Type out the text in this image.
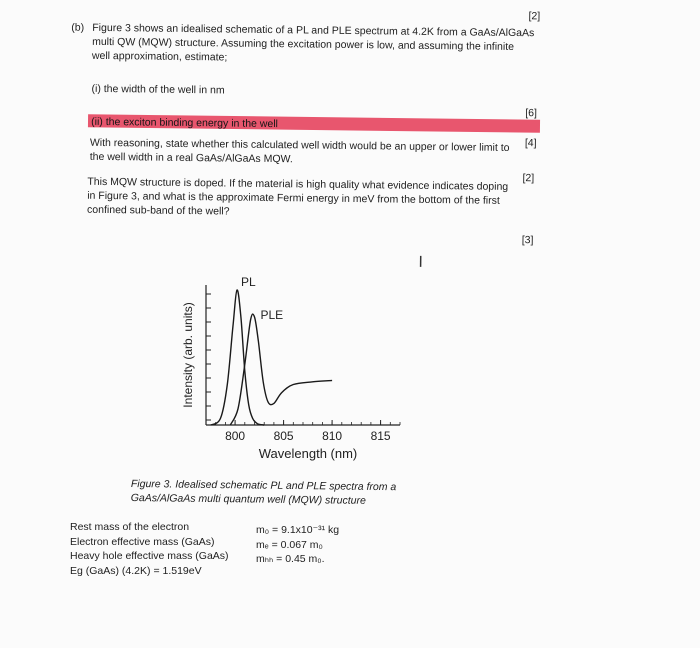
[2]
(b) Figure 3 shows an idealised schematic of a PL and PLE spectrum at 4.2K from a GaAs/AlGaAs
multi QW (MQW) structure. Assuming the excitation power is low, and assuming the infinite
well approximation, estimate;
(i) the width of the well in nm
[6]
(ii) the exciton binding energy in the well
[4]
With reasoning, state whether this calculated well width would be an upper or lower limit to
the well width in a real GaAs/AlGaAs MQW.
[2]
This MQW structure is doped. If the material is high quality what evidence indicates doping
in Figure 3, and what is the approximate Fermi energy in meV from the bottom of the first
confined sub-band of the well?
[3]
I
800 805 810 815
Wavelength (nm)
Intensity (arb. units)
PL
PLE
Figure 3. Idealised schematic PL and PLE spectra from a
GaAs/AlGaAs multi quantum well (MQW) structure
Rest mass of the electron
Electron effective mass (GaAs)
Heavy hole effective mass (GaAs)
Eg (GaAs) (4.2K) = 1.519eV
m₀ = 9.1x10⁻³¹ kg
mₑ = 0.067 m₀
mₕₕ = 0.45 m₀.
